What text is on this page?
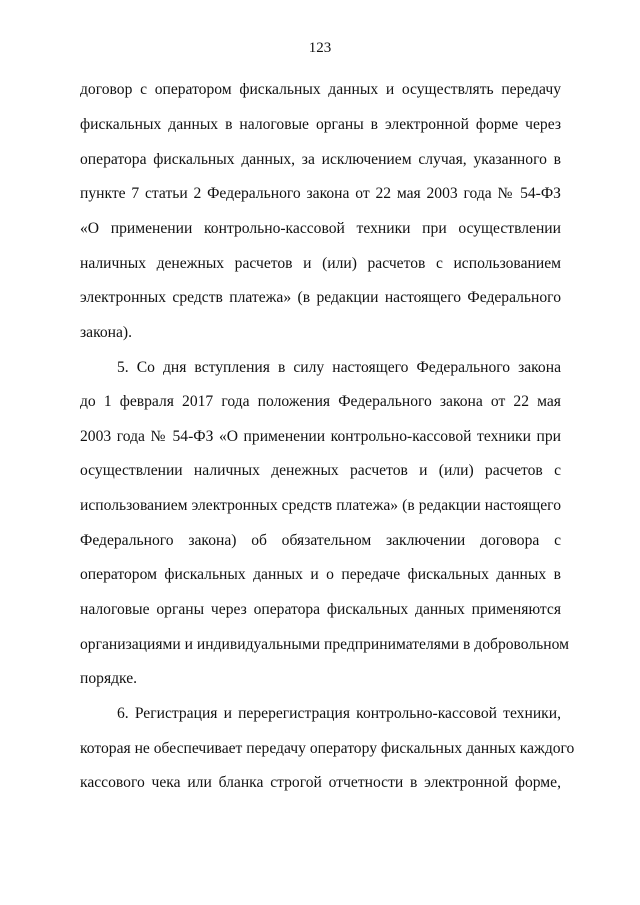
123
договор с оператором фискальных данных и осуществлять передачу
фискальных данных в налоговые органы в электронной форме через
оператора фискальных данных, за исключением случая, указанного в
пункте 7 статьи 2 Федерального закона от 22 мая 2003 года № 54-ФЗ
«О применении контрольно-кассовой техники при осуществлении
наличных денежных расчетов и (или) расчетов с использованием
электронных средств платежа» (в редакции настоящего Федерального
закона).
5. Со дня вступления в силу настоящего Федерального закона
до 1 февраля 2017 года положения Федерального закона от 22 мая
2003 года № 54-ФЗ «О применении контрольно-кассовой техники при
осуществлении наличных денежных расчетов и (или) расчетов с
использованием электронных средств платежа» (в редакции настоящего
Федерального закона) об обязательном заключении договора с
оператором фискальных данных и о передаче фискальных данных в
налоговые органы через оператора фискальных данных применяются
организациями и индивидуальными предпринимателями в добровольном
порядке.
6. Регистрация и перерегистрация контрольно-кассовой техники,
которая не обеспечивает передачу оператору фискальных данных каждого
кассового чека или бланка строгой отчетности в электронной форме,
